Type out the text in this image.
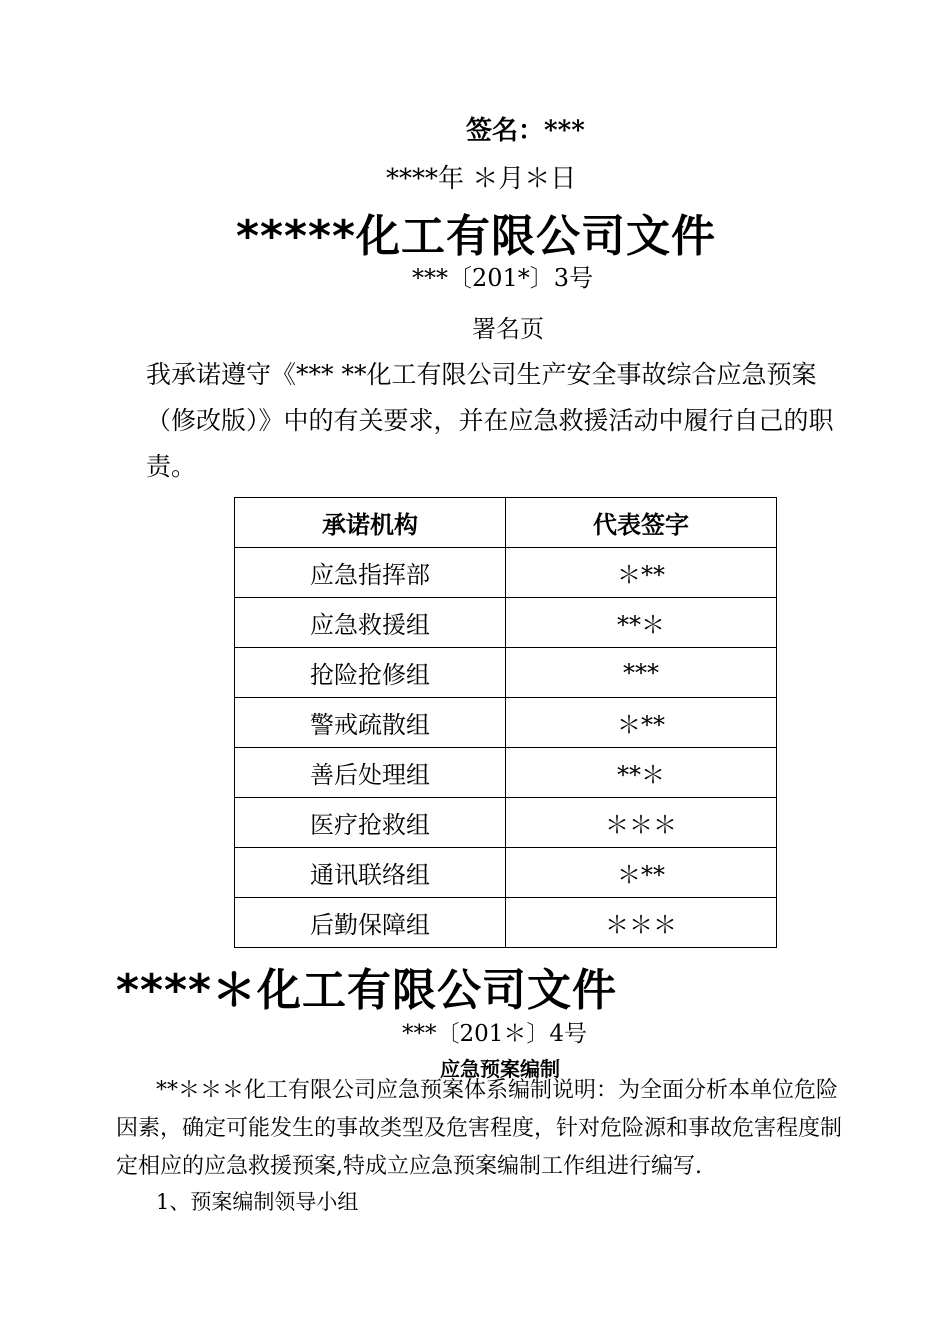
签名：***
****年 ＊月＊日
*****化工有限公司文件
***〔201*〕3号
署名页
我承诺遵守《*** **化工有限公司生产安全事故综合应急预案（修改版）》中的有关要求，并在应急救援活动中履行自己的职责。
承诺机构	代表签字
应急指挥部	＊**
应急救援组	**＊
抢险抢修组	***
警戒疏散组	＊**
善后处理组	**＊
医疗抢救组	＊＊＊
通讯联络组	＊**
后勤保障组	＊＊＊
****＊化工有限公司文件
***〔201＊〕4号
应急预案编制
**＊＊＊化工有限公司应急预案体系编制说明：为全面分析本单位危险因素，确定可能发生的事故类型及危害程度，针对危险源和事故危害程度制定相应的应急救援预案,特成立应急预案编制工作组进行编写.
1、预案编制领导小组
